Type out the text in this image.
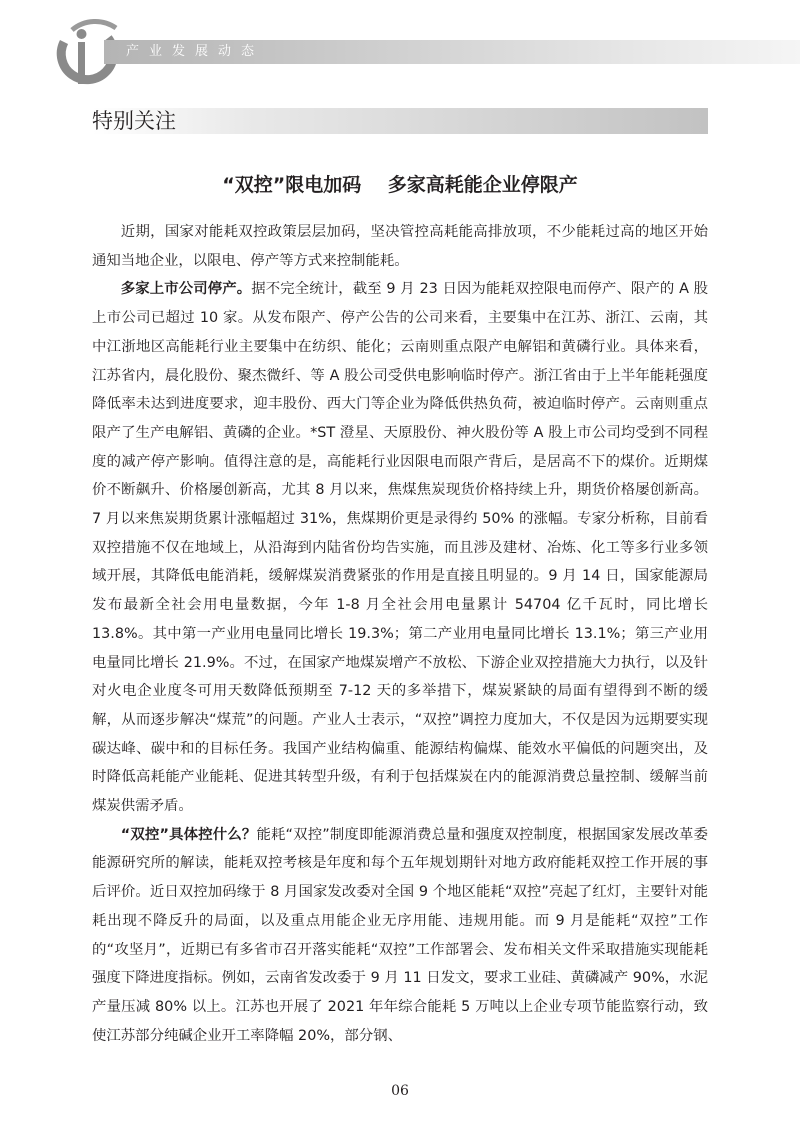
产业发展动态
特别关注
“双控”限电加码    多家高耗能企业停限产

近期，国家对能耗双控政策层层加码，坚决管控高耗能高排放项，不少能耗过高的地区开始通知当地企业，以限电、停产等方式来控制能耗。

多家上市公司停产。据不完全统计，截至 9 月 23 日因为能耗双控限电而停产、限产的 A 股上市公司已超过 10 家。从发布限产、停产公告的公司来看，主要集中在江苏、浙江、云南，其中江浙地区高能耗行业主要集中在纺织、能化；云南则重点限产电解铝和黄磷行业。具体来看，江苏省内，晨化股份、聚杰微纤、等 A 股公司受供电影响临时停产。浙江省由于上半年能耗强度降低率未达到进度要求，迎丰股份、西大门等企业为降低供热负荷，被迫临时停产。云南则重点限产了生产电解铝、黄磷的企业。*ST 澄星、天原股份、神火股份等 A 股上市公司均受到不同程度的减产停产影响。值得注意的是，高能耗行业因限电而限产背后，是居高不下的煤价。近期煤价不断飙升、价格屡创新高，尤其 8 月以来，焦煤焦炭现货价格持续上升，期货价格屡创新高。7 月以来焦炭期货累计涨幅超过 31%，焦煤期价更是录得约 50% 的涨幅。专家分析称，目前看双控措施不仅在地域上，从沿海到内陆省份均告实施，而且涉及建材、冶炼、化工等多行业多领域开展，其降低电能消耗，缓解煤炭消费紧张的作用是直接且明显的。9 月 14 日，国家能源局发布最新全社会用电量数据，今年 1-8 月全社会用电量累计 54704 亿千瓦时，同比增长 13.8%。其中第一产业用电量同比增长 19.3%；第二产业用电量同比增长 13.1%；第三产业用电量同比增长 21.9%。不过，在国家产地煤炭增产不放松、下游企业双控措施大力执行，以及针对火电企业度冬可用天数降低预期至 7-12 天的多举措下，煤炭紧缺的局面有望得到不断的缓解，从而逐步解决“煤荒”的问题。产业人士表示，“双控”调控力度加大，不仅是因为远期要实现碳达峰、碳中和的目标任务。我国产业结构偏重、能源结构偏煤、能效水平偏低的问题突出，及时降低高耗能产业能耗、促进其转型升级，有利于包括煤炭在内的能源消费总量控制、缓解当前煤炭供需矛盾。

“双控”具体控什么？能耗“双控”制度即能源消费总量和强度双控制度，根据国家发展改革委能源研究所的解读，能耗双控考核是年度和每个五年规划期针对地方政府能耗双控工作开展的事后评价。近日双控加码缘于 8 月国家发改委对全国 9 个地区能耗“双控”亮起了红灯，主要针对能耗出现不降反升的局面，以及重点用能企业无序用能、违规用能。而 9 月是能耗“双控”工作的“攻坚月”，近期已有多省市召开落实能耗“双控”工作部署会、发布相关文件采取措施实现能耗强度下降进度指标。例如，云南省发改委于 9 月 11 日发文，要求工业硅、黄磷减产 90%，水泥产量压减 80% 以上。江苏也开展了 2021 年年综合能耗 5 万吨以上企业专项节能监察行动，致使江苏部分纯碱企业开工率降幅 20%，部分钢、

06
